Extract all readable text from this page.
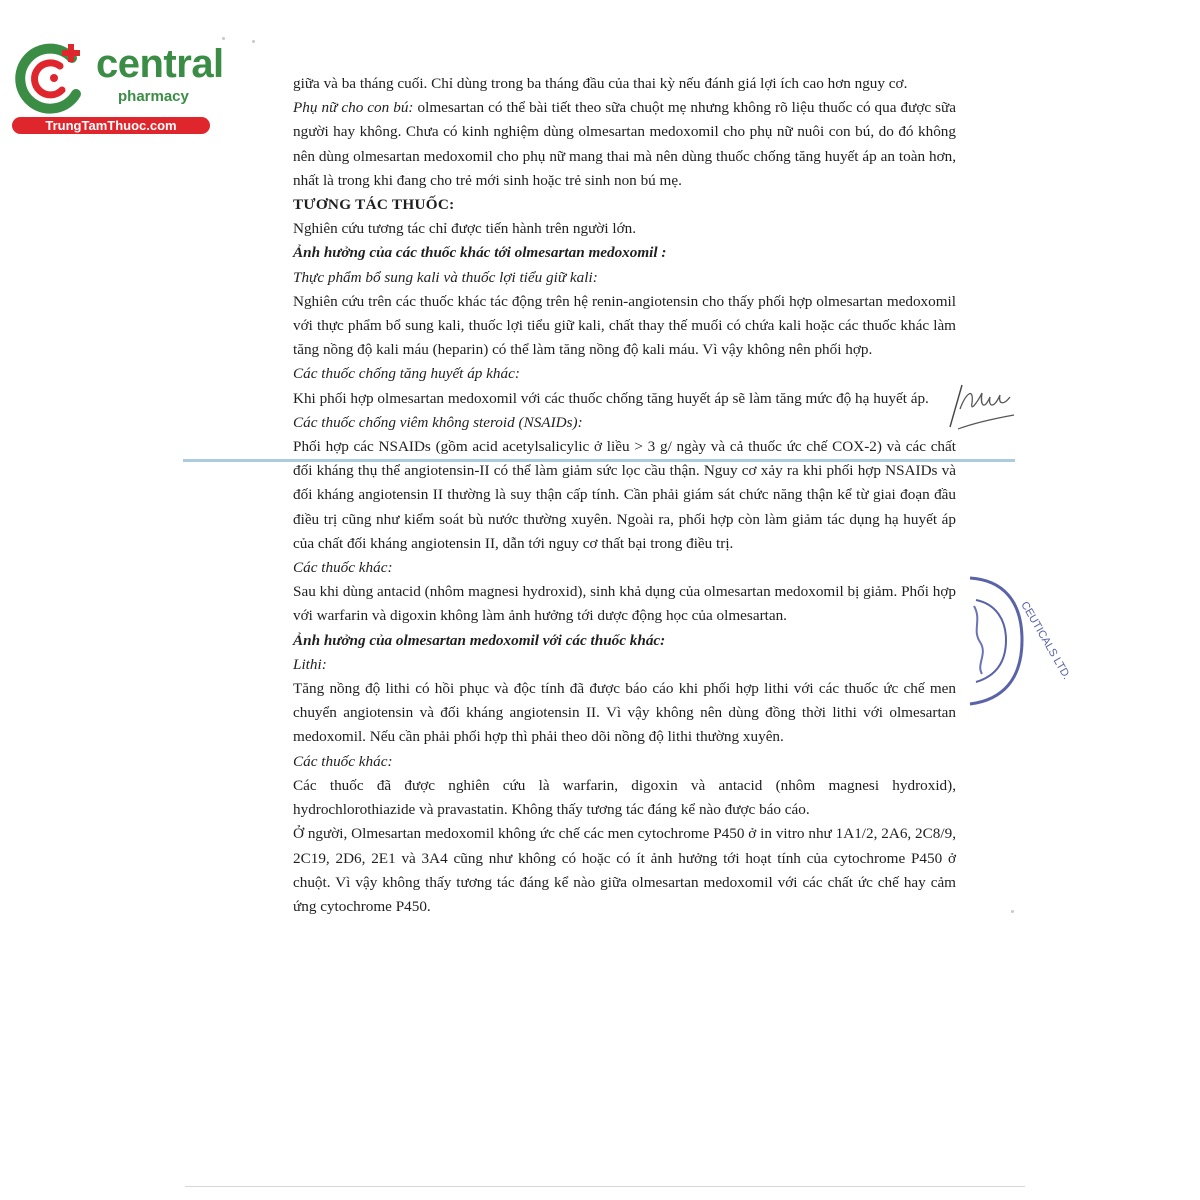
central
pharmacy
TrungTamThuoc.com
CEUTICALS LTD.

giữa và ba tháng cuối. Chỉ dùng trong ba tháng đầu của thai kỳ nếu đánh giá lợi ích cao hơn nguy cơ.

Phụ nữ cho con bú: olmesartan có thể bài tiết theo sữa chuột mẹ nhưng không rõ liệu thuốc có qua được sữa người hay không. Chưa có kinh nghiệm dùng olmesartan medoxomil cho phụ nữ nuôi con bú, do đó không nên dùng olmesartan medoxomil cho phụ nữ mang thai mà nên dùng thuốc chống tăng huyết áp an toàn hơn, nhất là trong khi đang cho trẻ mới sinh hoặc trẻ sinh non bú mẹ.

TƯƠNG TÁC THUỐC:

Nghiên cứu tương tác chỉ được tiến hành trên người lớn.

Ảnh hưởng của các thuốc khác tới olmesartan medoxomil :

Thực phẩm bổ sung kali và thuốc lợi tiểu giữ kali:

Nghiên cứu trên các thuốc khác tác động trên hệ renin-angiotensin cho thấy phối hợp olmesartan medoxomil với thực phẩm bổ sung kali, thuốc lợi tiểu giữ kali, chất thay thế muối có chứa kali hoặc các thuốc khác làm tăng nồng độ kali máu (heparin) có thể làm tăng nồng độ kali máu. Vì vậy không nên phối hợp.

Các thuốc chống tăng huyết áp khác:

Khi phối hợp olmesartan medoxomil với các thuốc chống tăng huyết áp sẽ làm tăng mức độ hạ huyết áp.

Các thuốc chống viêm không steroid (NSAIDs):

Phối hợp các NSAIDs (gồm acid acetylsalicylic ở liều > 3 g/ ngày và cả thuốc ức chế COX-2) và các chất đối kháng thụ thể angiotensin-II có thể làm giảm sức lọc cầu thận. Nguy cơ xảy ra khi phối hợp NSAIDs và đối kháng angiotensin II thường là suy thận cấp tính. Cần phải giám sát chức năng thận kể từ giai đoạn đầu điều trị cũng như kiểm soát bù nước thường xuyên. Ngoài ra, phối hợp còn làm giảm tác dụng hạ huyết áp của chất đối kháng angiotensin II, dẫn tới nguy cơ thất bại trong điều trị.

Các thuốc khác:

Sau khi dùng antacid (nhôm magnesi hydroxid), sinh khả dụng của olmesartan medoxomil bị giảm. Phối hợp với warfarin và digoxin không làm ảnh hưởng tới dược động học của olmesartan.

Ảnh hưởng của olmesartan medoxomil với các thuốc khác:

Lithi:

Tăng nồng độ lithi có hồi phục và độc tính đã được báo cáo khi phối hợp lithi với các thuốc ức chế men chuyển angiotensin và đối kháng angiotensin II. Vì vậy không nên dùng đồng thời lithi với olmesartan medoxomil. Nếu cần phải phối hợp thì phải theo dõi nồng độ lithi thường xuyên.

Các thuốc khác:

Các thuốc đã được nghiên cứu là warfarin, digoxin và antacid (nhôm magnesi hydroxid), hydrochlorothiazide và pravastatin. Không thấy tương tác đáng kể nào được báo cáo.

Ở người, Olmesartan medoxomil không ức chế các men cytochrome P450 ở in vitro như 1A1/2, 2A6, 2C8/9, 2C19, 2D6, 2E1 và 3A4 cũng như không có hoặc có ít ảnh hưởng tới hoạt tính của cytochrome P450 ở chuột. Vì vậy không thấy tương tác đáng kể nào giữa olmesartan medoxomil với các chất ức chế hay cảm ứng cytochrome P450.
